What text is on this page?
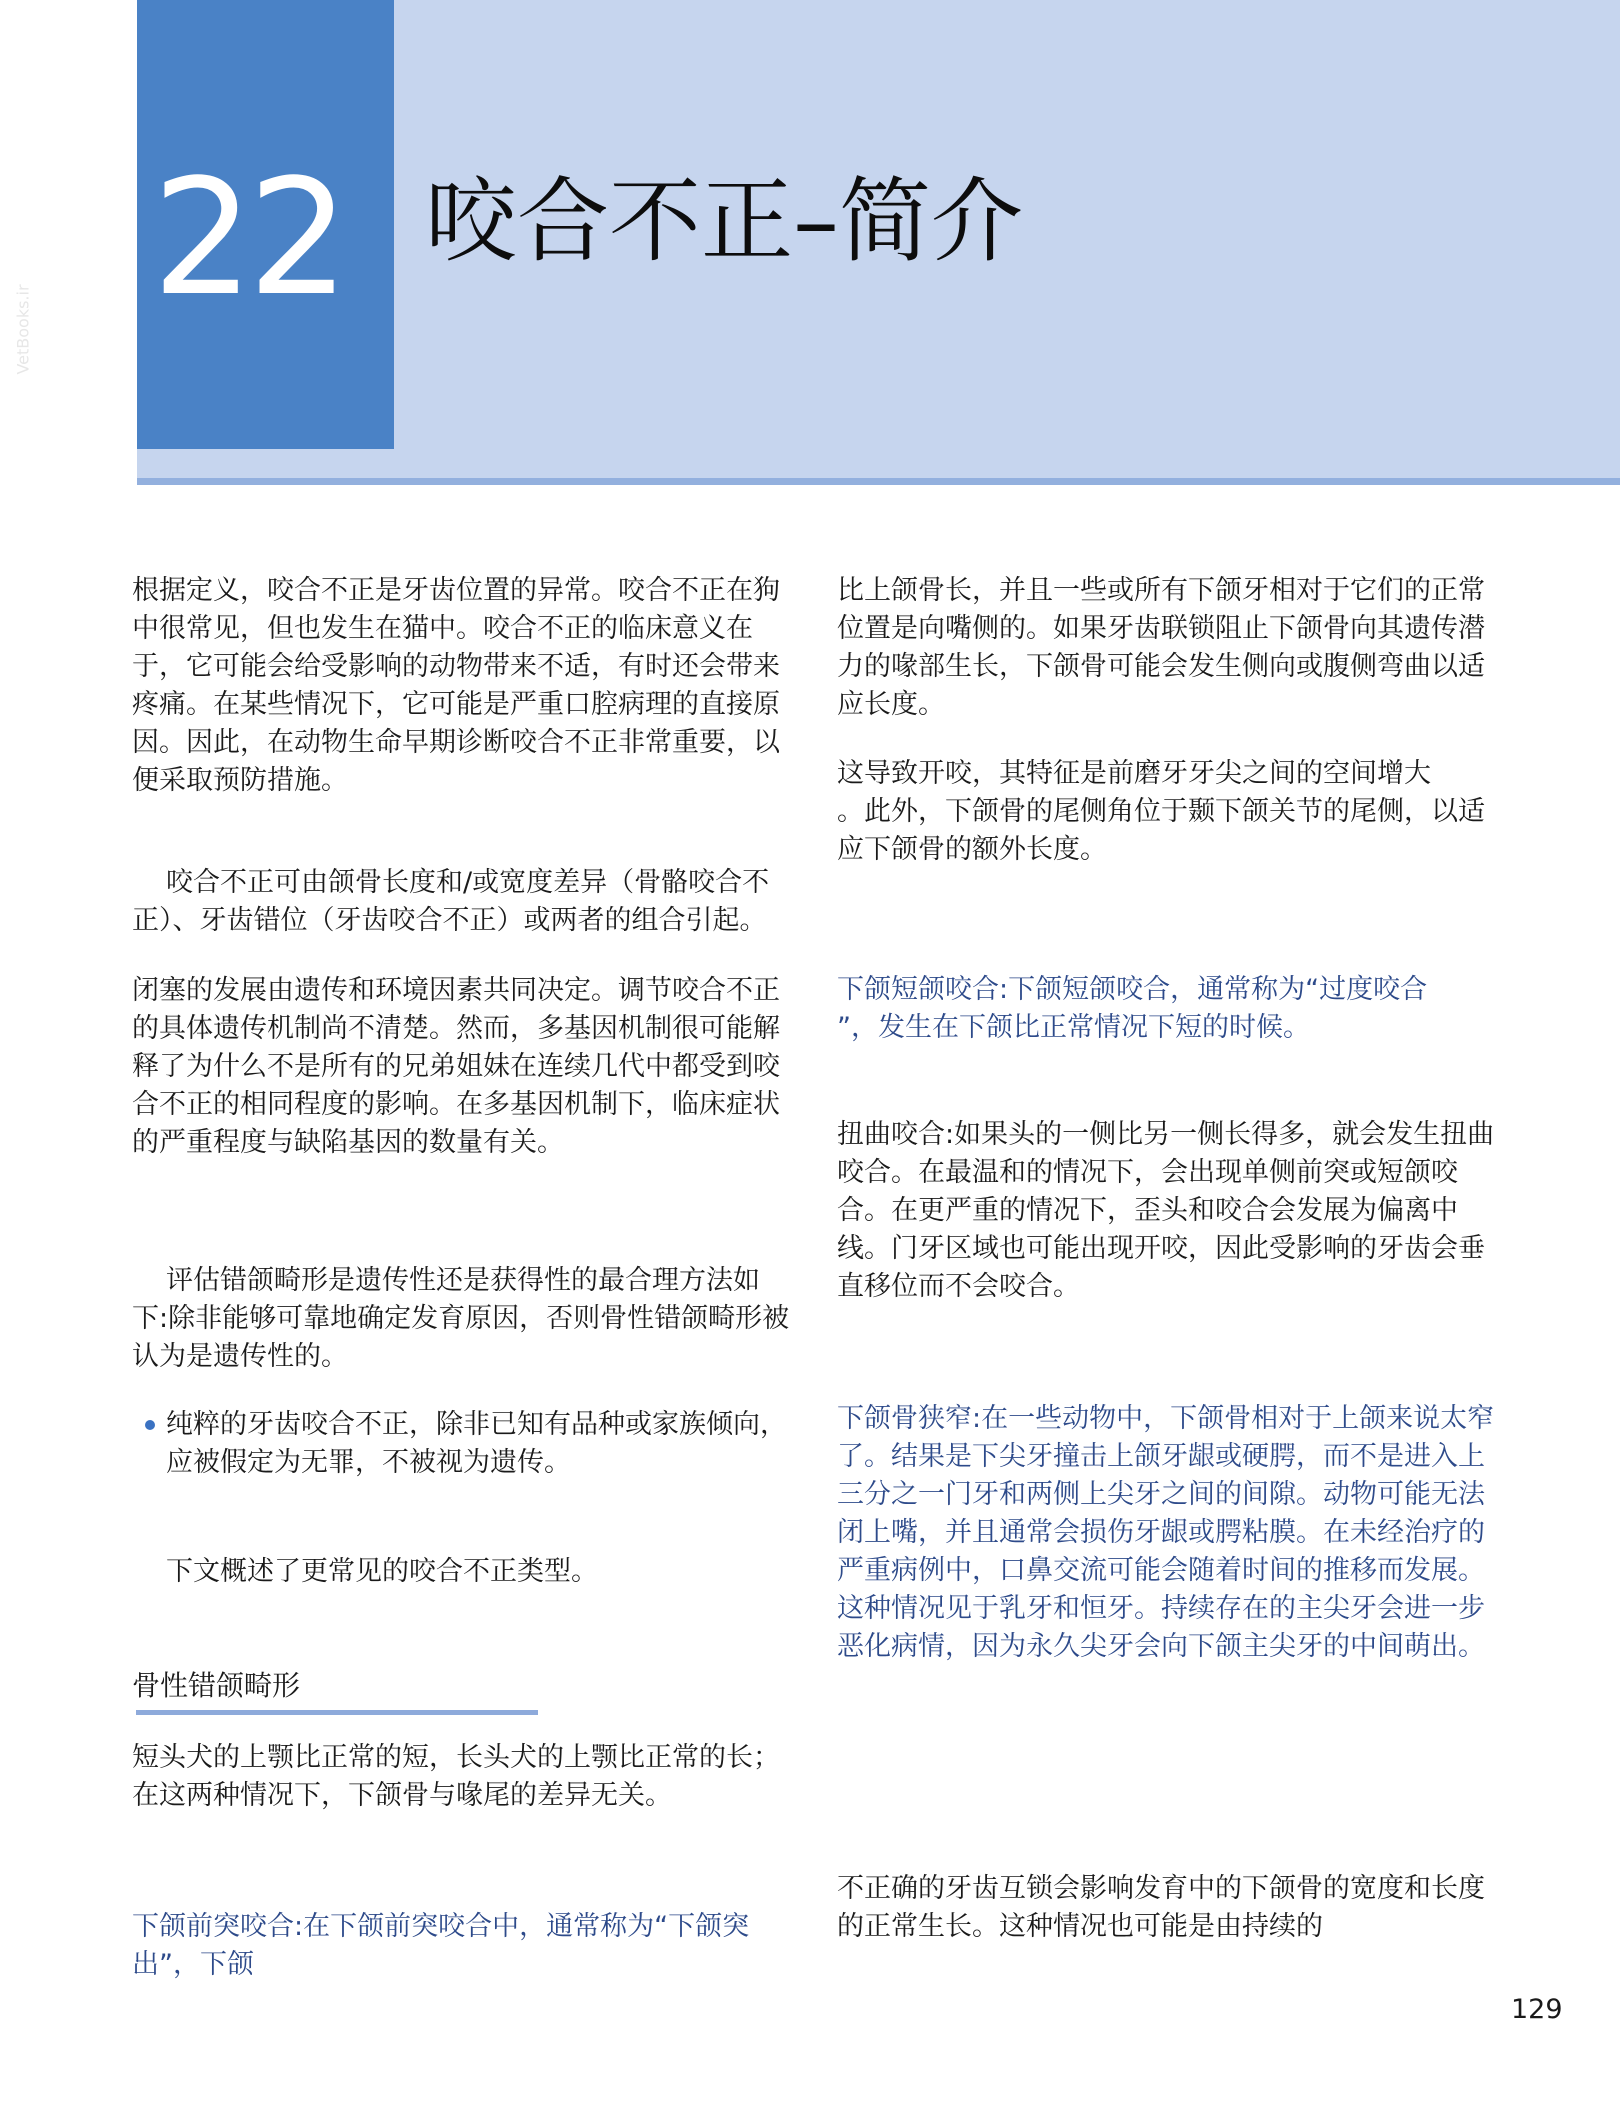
22 咬合不正–简介
VetBooks.ir

根据定义，咬合不正是牙齿位置的异常。咬合不正在狗中很常见，但也发生在猫中。咬合不正的临床意义在于，它可能会给受影响的动物带来不适，有时还会带来疼痛。在某些情况下，它可能是严重口腔病理的直接原因。因此，在动物生命早期诊断咬合不正非常重要，以便采取预防措施。

咬合不正可由颌骨长度和/或宽度差异（骨骼咬合不正）、牙齿错位（牙齿咬合不正）或两者的组合引起。

闭塞的发展由遗传和环境因素共同决定。调节咬合不正的具体遗传机制尚不清楚。然而，多基因机制很可能解释了为什么不是所有的兄弟姐妹在连续几代中都受到咬合不正的相同程度的影响。在多基因机制下，临床症状的严重程度与缺陷基因的数量有关。

评估错颌畸形是遗传性还是获得性的最合理方法如下:除非能够可靠地确定发育原因，否则骨性错颌畸形被认为是遗传性的。

纯粹的牙齿咬合不正，除非已知有品种或家族倾向，应被假定为无罪，不被视为遗传。

下文概述了更常见的咬合不正类型。

短头犬的上颚比正常的短，长头犬的上颚比正常的长；在这两种情况下，下颌骨与喙尾的差异无关。

下颌前突咬合:在下颌前突咬合中，通常称为“下颌突出”，下颌

骨性错颌畸形

比上颌骨长，并且一些或所有下颌牙相对于它们的正常位置是向嘴侧的。如果牙齿联锁阻止下颌骨向其遗传潜力的喙部生长，下颌骨可能会发生侧向或腹侧弯曲以适应长度。

这导致开咬，其特征是前磨牙牙尖之间的空间增大

。此外，下颌骨的尾侧角位于颞下颌关节的尾侧，以适应下颌骨的额外长度。

下颌短颌咬合:下颌短颌咬合，通常称为“过度咬合

”，发生在下颌比正常情况下短的时候。

扭曲咬合:如果头的一侧比另一侧长得多，就会发生扭曲咬合。在最温和的情况下，会出现单侧前突或短颌咬合。在更严重的情况下，歪头和咬合会发展为偏离中线。门牙区域也可能出现开咬，因此受影响的牙齿会垂直移位而不会咬合。

下颌骨狭窄:在一些动物中，下颌骨相对于上颌来说太窄了。结果是下尖牙撞击上颌牙龈或硬腭，而不是进入上三分之一门牙和两侧上尖牙之间的间隙。动物可能无法闭上嘴，并且通常会损伤牙龈或腭粘膜。在未经治疗的严重病例中，口鼻交流可能会随着时间的推移而发展。这种情况见于乳牙和恒牙。持续存在的主尖牙会进一步恶化病情，因为永久尖牙会向下颌主尖牙的中间萌出。

不正确的牙齿互锁会影响发育中的下颌骨的宽度和长度的正常生长。这种情况也可能是由持续的

129
